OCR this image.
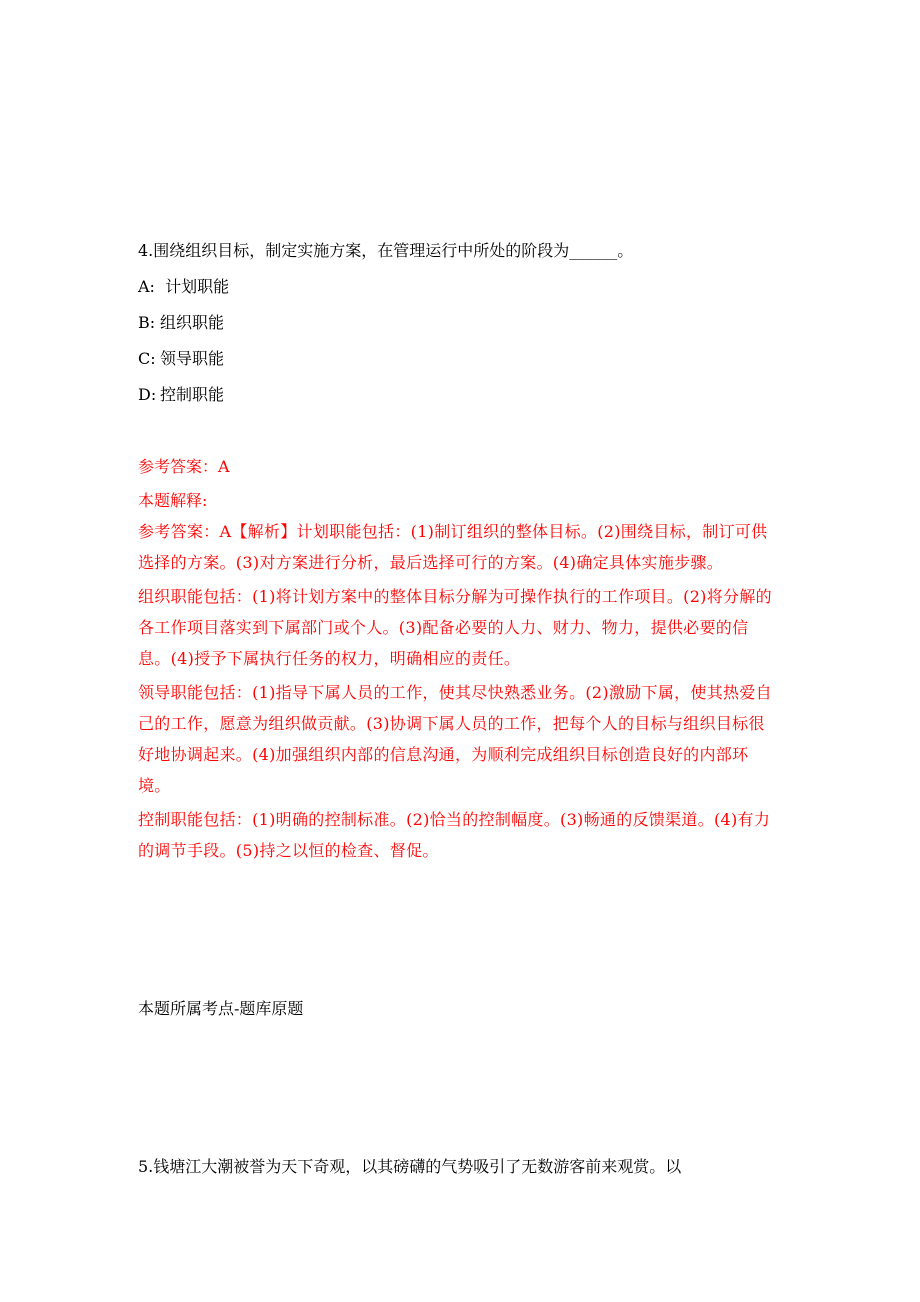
4.围绕组织目标，制定实施方案，在管理运行中所处的阶段为______。
A: 计划职能
B: 组织职能
C: 领导职能
D: 控制职能
参考答案：A
本题解释:

参考答案：A【解析】计划职能包括：(1)制订组织的整体目标。(2)围绕目标，制订可供选择的方案。(3)对方案进行分析，最后选择可行的方案。(4)确定具体实施步骤。

组织职能包括：(1)将计划方案中的整体目标分解为可操作执行的工作项目。(2)将分解的各工作项目落实到下属部门或个人。(3)配备必要的人力、财力、物力，提供必要的信息。(4)授予下属执行任务的权力，明确相应的责任。

领导职能包括：(1)指导下属人员的工作，使其尽快熟悉业务。(2)激励下属，使其热爱自己的工作，愿意为组织做贡献。(3)协调下属人员的工作，把每个人的目标与组织目标很好地协调起来。(4)加强组织内部的信息沟通，为顺利完成组织目标创造良好的内部环境。

控制职能包括：(1)明确的控制标准。(2)恰当的控制幅度。(3)畅通的反馈渠道。(4)有力的调节手段。(5)持之以恒的检查、督促。

本题所属考点-题库原题
5.钱塘江大潮被誉为天下奇观，以其磅礴的气势吸引了无数游客前来观赏。以
